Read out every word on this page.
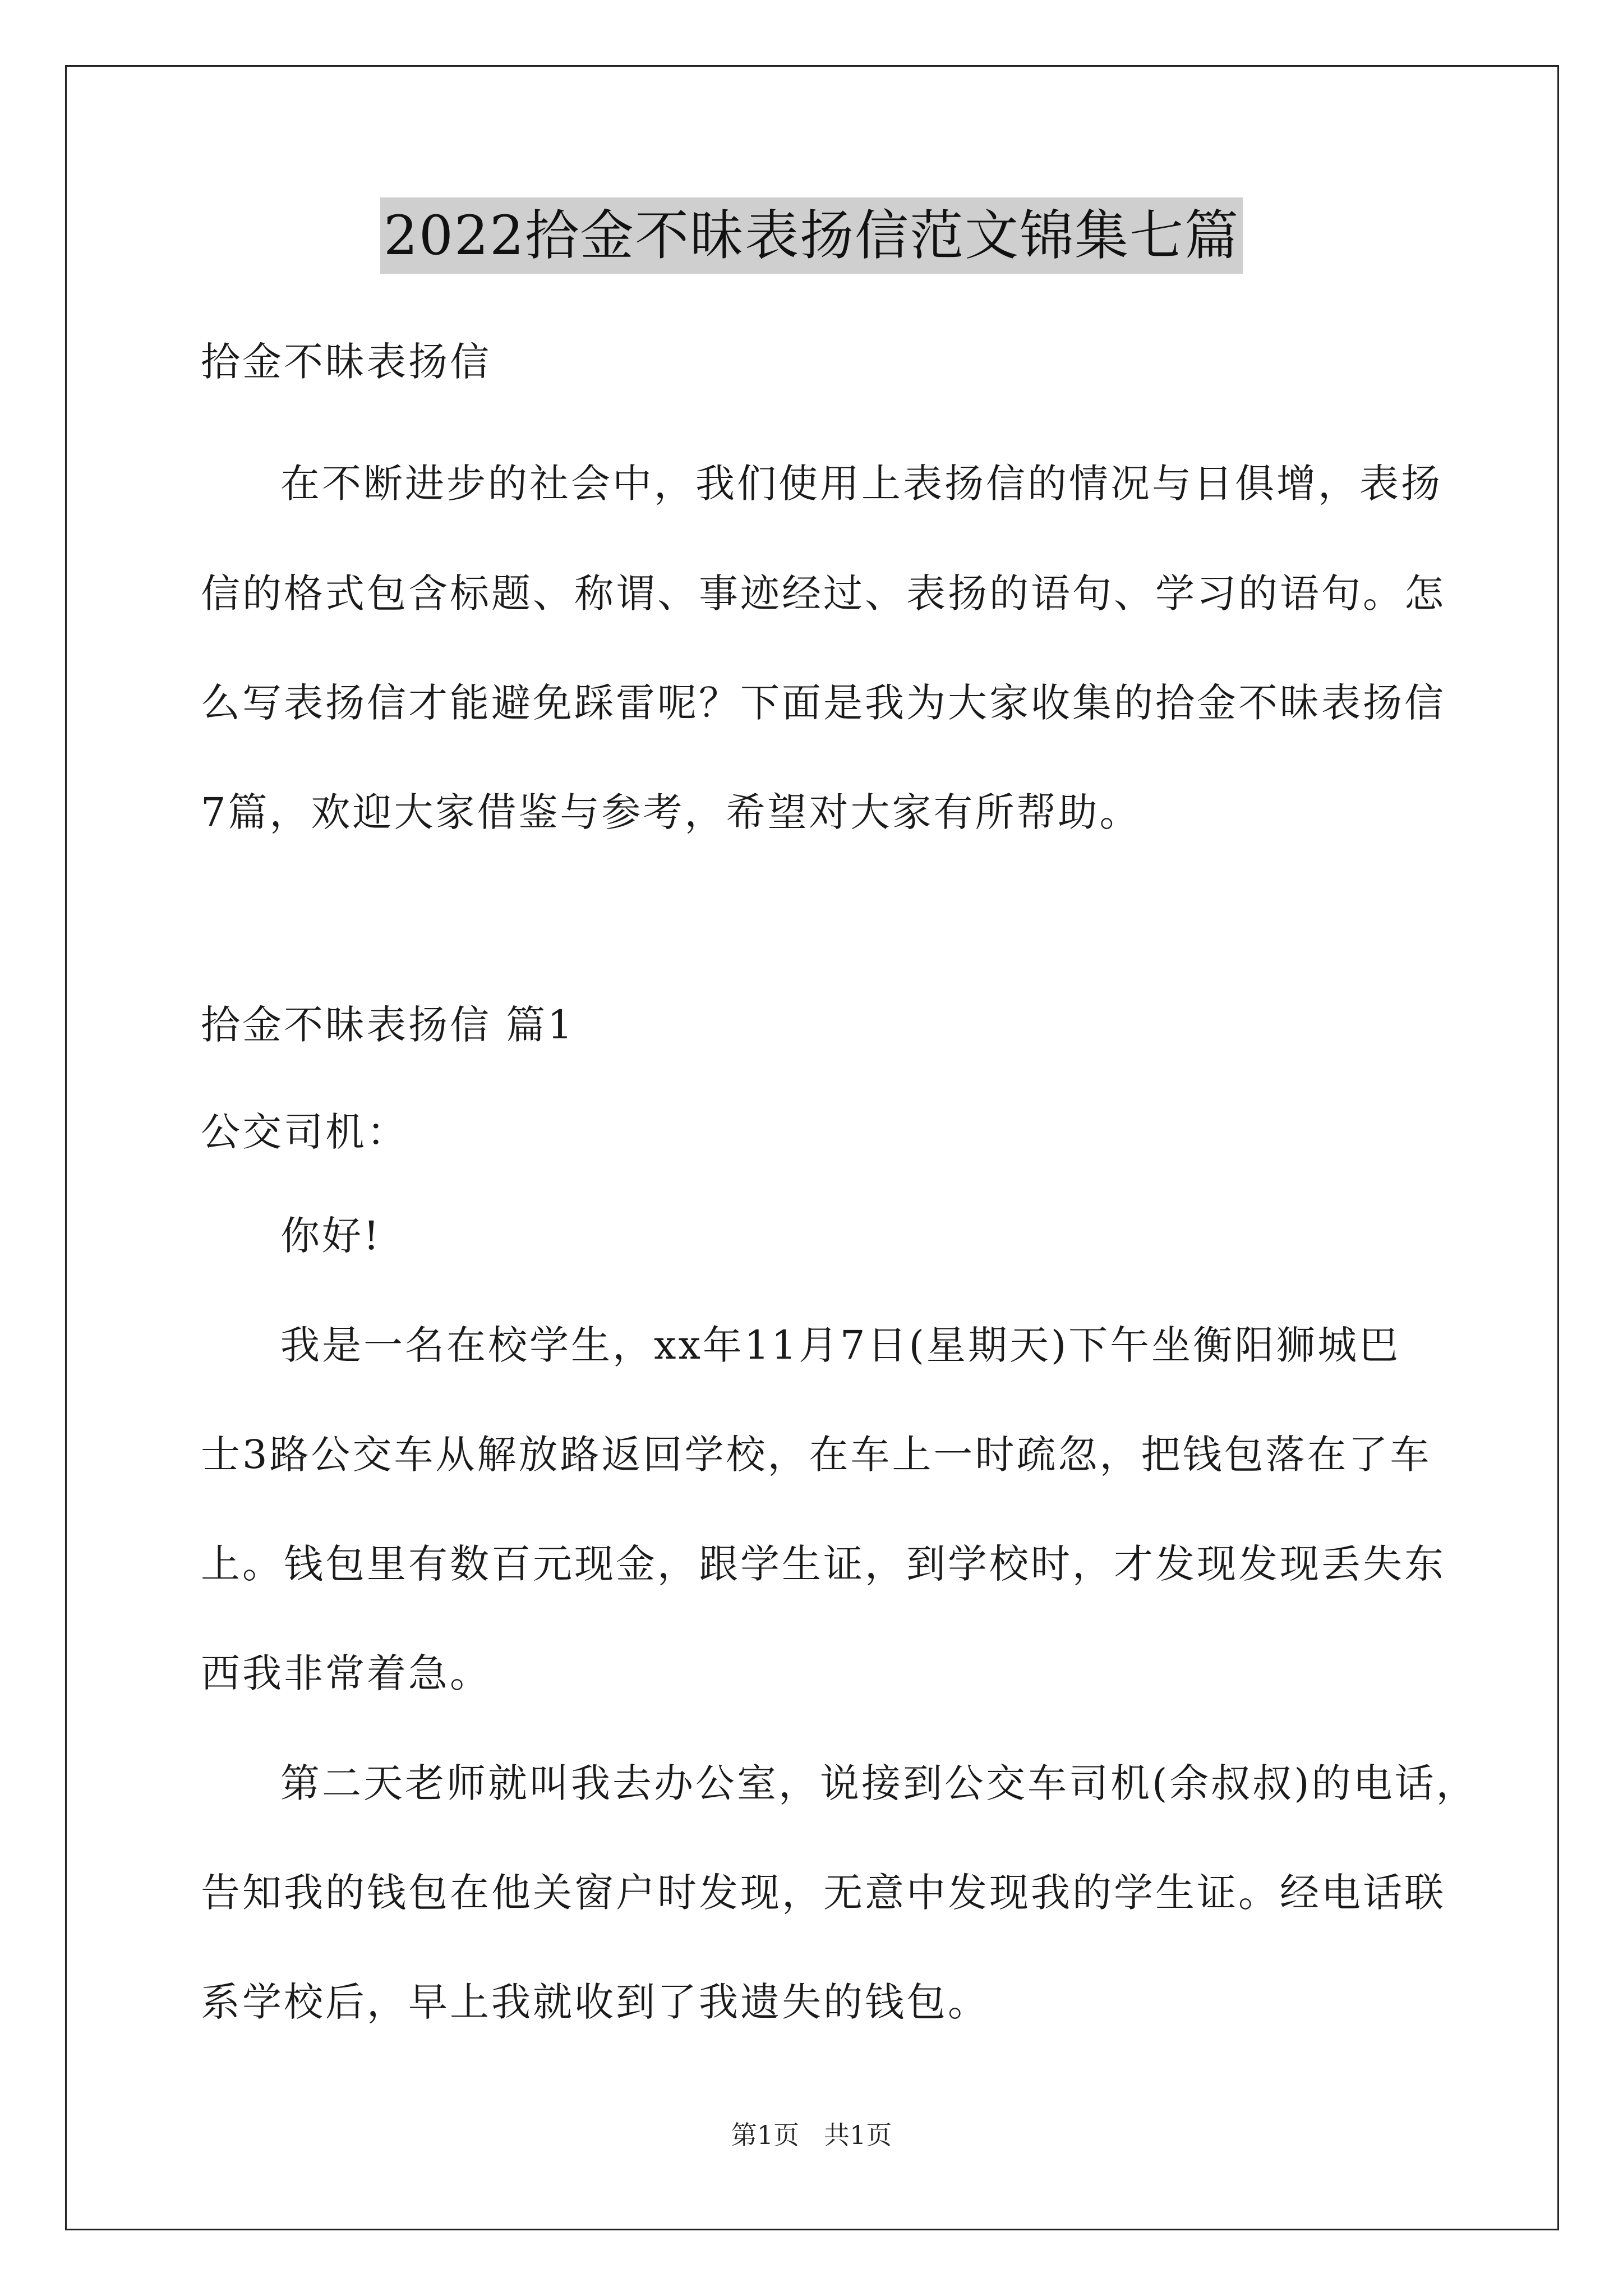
2022拾金不昧表扬信范文锦集七篇
拾金不昧表扬信
在不断进步的社会中，我们使用上表扬信的情况与日俱增，表扬
信的格式包含标题、称谓、事迹经过、表扬的语句、学习的语句。怎
么写表扬信才能避免踩雷呢？下面是我为大家收集的拾金不昧表扬信
7篇，欢迎大家借鉴与参考，希望对大家有所帮助。
拾金不昧表扬信 篇1
公交司机：
你好!
我是一名在校学生，xx年11月7日(星期天)下午坐衡阳狮城巴
士3路公交车从解放路返回学校，在车上一时疏忽，把钱包落在了车
上。钱包里有数百元现金，跟学生证，到学校时，才发现发现丢失东
西我非常着急。
第二天老师就叫我去办公室，说接到公交车司机(余叔叔)的电话，
告知我的钱包在他关窗户时发现，无意中发现我的学生证。经电话联
系学校后，早上我就收到了我遗失的钱包。
第1页 共1页
